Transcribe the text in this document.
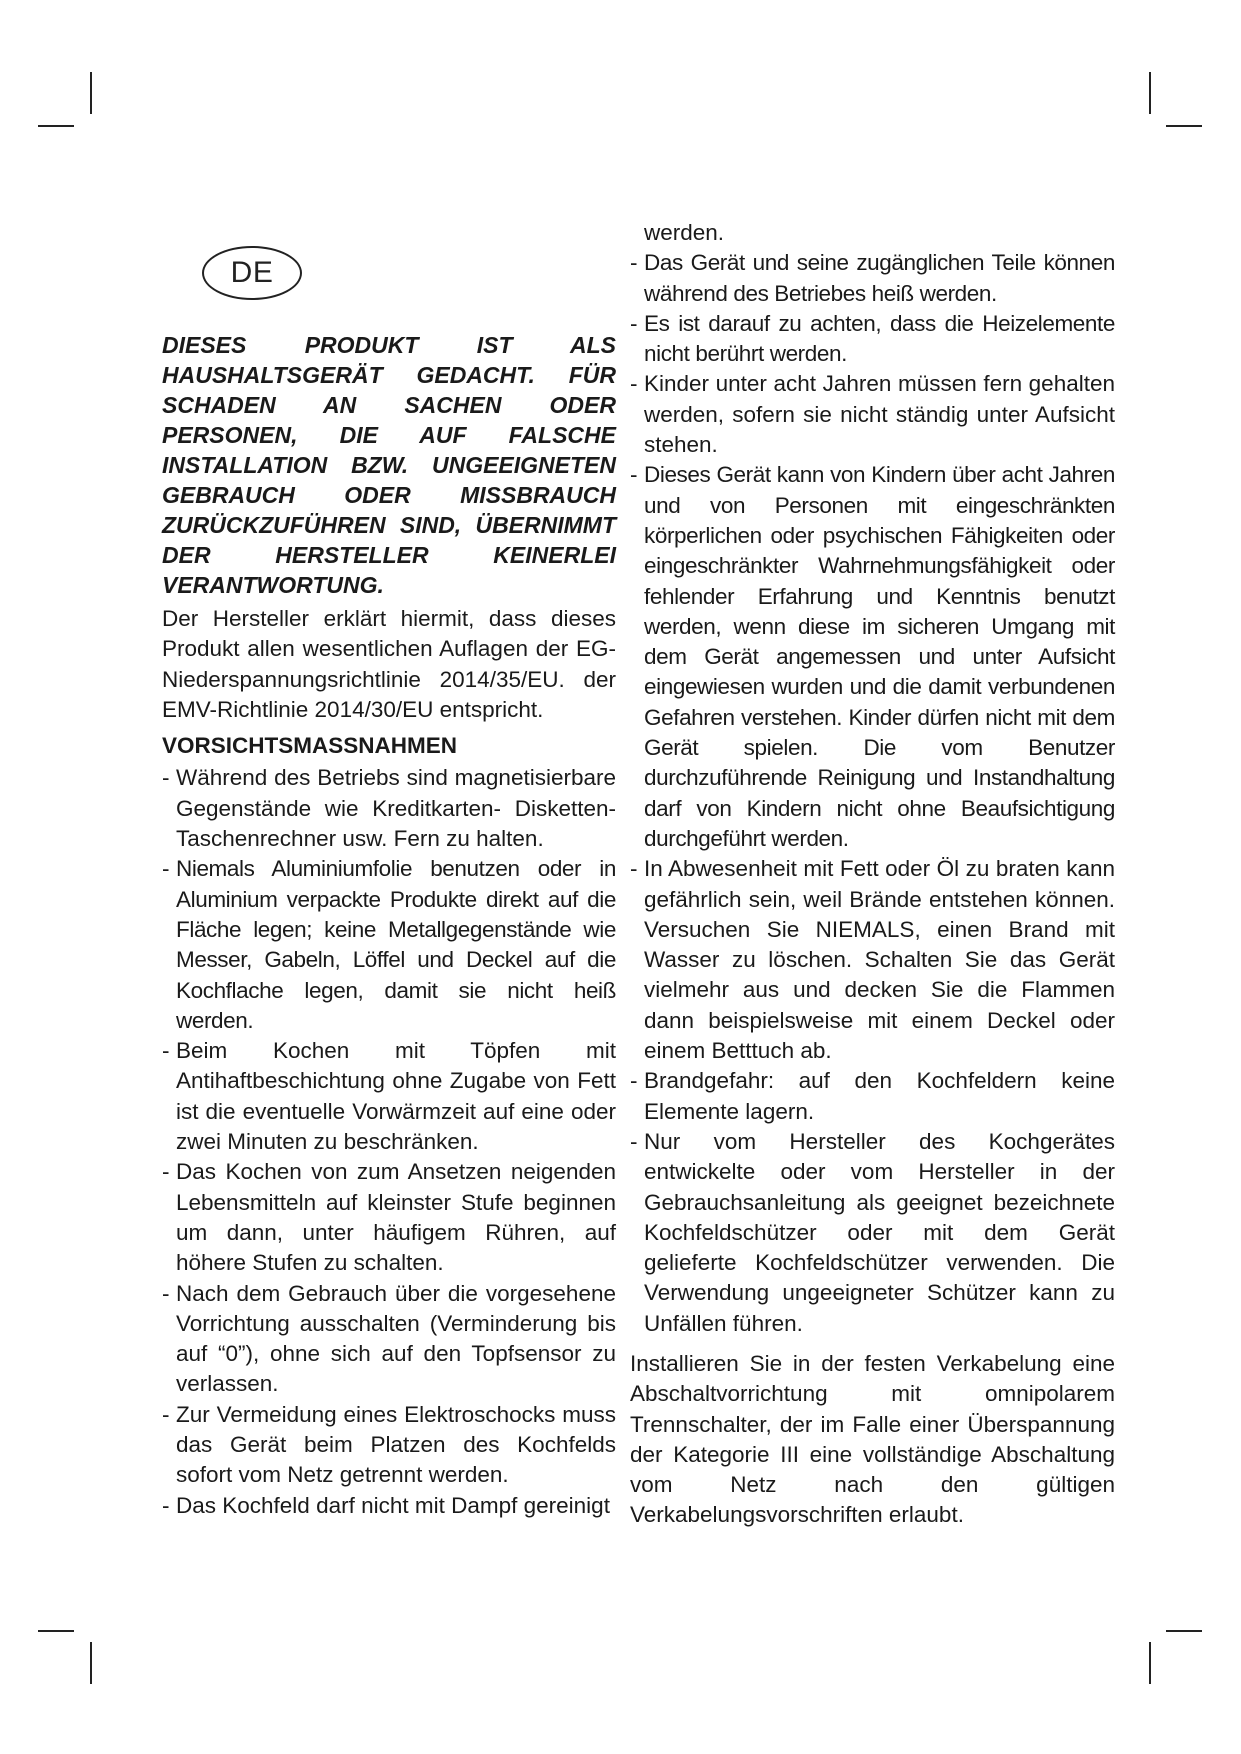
DE

DIESES PRODUKT IST ALS HAUSHALTSGERÄT GEDACHT. FÜR SCHADEN AN SACHEN ODER PERSONEN, DIE AUF FALSCHE INSTALLATION BZW. UNGEEIGNETEN GEBRAUCH ODER MISSBRAUCH ZURÜCKZUFÜHREN SIND, ÜBERNIMMT DER HERSTELLER KEINERLEI VERANTWORTUNG.

Der Hersteller erklärt hiermit, dass dieses Produkt allen wesentlichen Auflagen der EG-Niederspannungsrichtlinie 2014/35/EU. der EMV-Richtlinie 2014/30/EU entspricht.

VORSICHTSMASSNAHMEN

- Während des Betriebs sind magnetisierbare Gegenstände wie Kreditkarten- Disketten- Taschenrechner usw. Fern zu halten.

- Niemals Aluminiumfolie benutzen oder in Aluminium verpackte Produkte direkt auf die Fläche legen; keine Metallgegenstände wie Messer, Gabeln, Löffel und Deckel auf die Kochflache legen, damit sie nicht heiß werden.

- Beim Kochen mit Töpfen mit Antihaftbeschichtung ohne Zugabe von Fett ist die eventuelle Vorwärmzeit auf eine oder zwei Minuten zu beschränken.

- Das Kochen von zum Ansetzen neigenden Lebensmitteln auf kleinster Stufe beginnen um dann, unter häufigem Rühren, auf höhere Stufen zu schalten.

- Nach dem Gebrauch über die vorgesehene Vorrichtung ausschalten (Verminderung bis auf “0”), ohne sich auf den Topfsensor zu verlassen.

- Zur Vermeidung eines Elektroschocks muss das Gerät beim Platzen des Kochfelds sofort vom Netz getrennt werden.

- Das Kochfeld darf nicht mit Dampf gereinigt

werden.

- Das Gerät und seine zugänglichen Teile können während des Betriebes heiß werden.

- Es ist darauf zu achten, dass die Heizelemente nicht berührt werden.

- Kinder unter acht Jahren müssen fern gehalten werden, sofern sie nicht ständig unter Aufsicht stehen.

- Dieses Gerät kann von Kindern über acht Jahren und von Personen mit eingeschränkten körperlichen oder psychischen Fähigkeiten oder eingeschränkter Wahrnehmungsfähigkeit oder fehlender Erfahrung und Kenntnis benutzt werden, wenn diese im sicheren Umgang mit dem Gerät angemessen und unter Aufsicht eingewiesen wurden und die damit verbundenen Gefahren verstehen. Kinder dürfen nicht mit dem Gerät spielen. Die vom Benutzer durchzuführende Reinigung und Instandhaltung darf von Kindern nicht ohne Beaufsichtigung durchgeführt werden.

- In Abwesenheit mit Fett oder Öl zu braten kann gefährlich sein, weil Brände entstehen können. Versuchen Sie NIEMALS, einen Brand mit Wasser zu löschen. Schalten Sie das Gerät vielmehr aus und decken Sie die Flammen dann beispielsweise mit einem Deckel oder einem Betttuch ab.

- Brandgefahr: auf den Kochfeldern keine Elemente lagern.

- Nur vom Hersteller des Kochgerätes entwickelte oder vom Hersteller in der Gebrauchsanleitung als geeignet bezeichnete Kochfeldschützer oder mit dem Gerät gelieferte Kochfeldschützer verwenden. Die Verwendung ungeeigneter Schützer kann zu Unfällen führen.

Installieren Sie in der festen Verkabelung eine Abschaltvorrichtung mit omnipolarem Trennschalter, der im Falle einer Überspannung der Kategorie III eine vollständige Abschaltung vom Netz nach den gültigen Verkabelungsvorschriften erlaubt.
